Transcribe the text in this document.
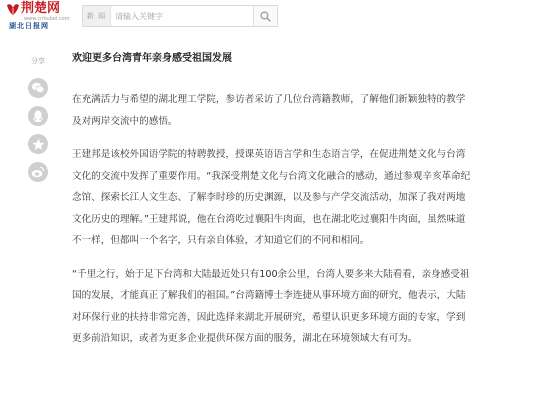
荆楚网
www.cnhubei.com
湖北日报网
新 闻
请输入关键字
分享	欢迎更多台湾青年亲身感受祖国发展

在充满活力与希望的湖北理工学院，参访者采访了几位台湾籍教师，了解他们新颖独特的教学及对两岸交流中的感悟。

王建邦是该校外国语学院的特聘教授，授课英语语言学和生态语言学，在促进荆楚文化与台湾文化的交流中发挥了重要作用。“我深受荆楚文化与台湾文化融合的感动，通过参观辛亥革命纪念馆、探索长江人文生态、了解李时珍的历史渊源，以及参与产学交流活动，加深了我对两地文化历史的理解。”王建邦说，他在台湾吃过襄阳牛肉面，也在湖北吃过襄阳牛肉面，虽然味道不一样，但都叫一个名字，只有亲自体验，才知道它们的不同和相同。

“千里之行，始于足下台湾和大陆最近处只有100余公里，台湾人要多来大陆看看，亲身感受祖国的发展，才能真正了解我们的祖国。”台湾籍博士李连捷从事环境方面的研究，他表示，大陆对环保行业的扶持非常完善，因此选择来湖北开展研究，希望认识更多环境方面的专家，学到更多前沿知识，或者为更多企业提供环保方面的服务，湖北在环境领域大有可为。
